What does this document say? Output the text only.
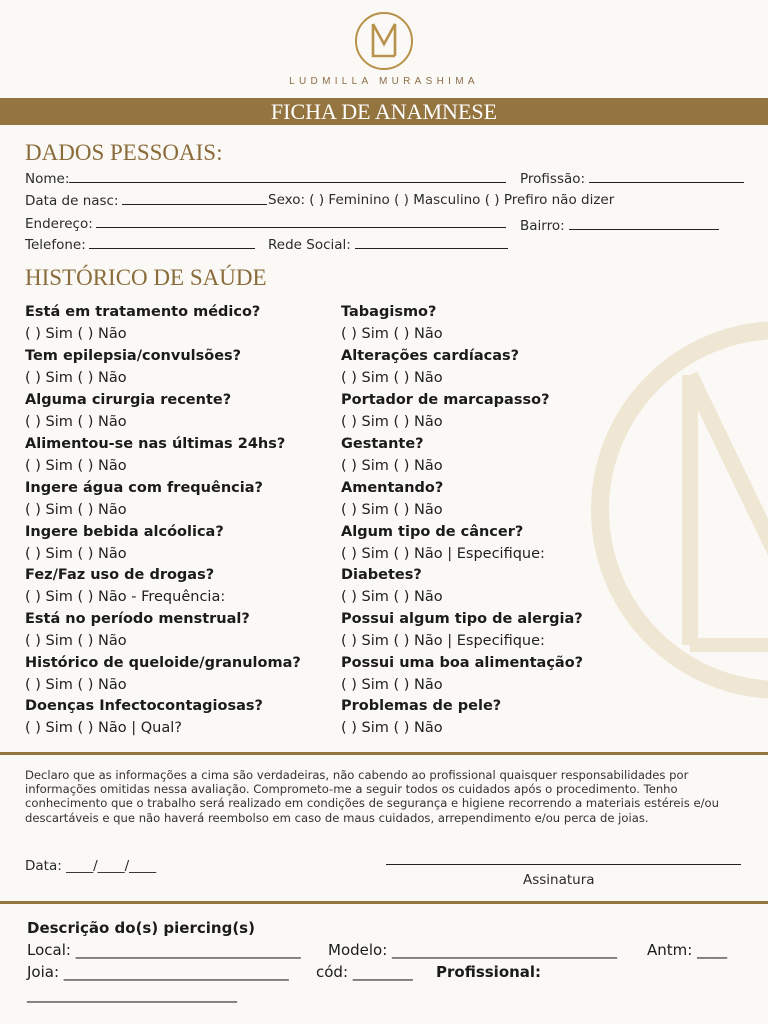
LUDMILLA MURASHIMA
FICHA DE ANAMNESE
DADOS PESSOAIS:
Nome:	Profissão:
Data de nasc:	Sexo: ( ) Feminino ( ) Masculino ( ) Prefiro não dizer
Endereço:	Bairro:
Telefone:	Rede Social:
HISTÓRICO DE SAÚDE
Está em tratamento médico?
( ) Sim ( ) Não
Tem epilepsia/convulsões?
( ) Sim ( ) Não
Alguma cirurgia recente?
( ) Sim ( ) Não
Alimentou-se nas últimas 24hs?
( ) Sim ( ) Não
Ingere água com frequência?
( ) Sim ( ) Não
Ingere bebida alcóolica?
( ) Sim ( ) Não
Fez/Faz uso de drogas?
( ) Sim ( ) Não - Frequência:
Está no período menstrual?
( ) Sim ( ) Não
Histórico de queloide/granuloma?
( ) Sim ( ) Não
Doenças Infectocontagiosas?
( ) Sim ( ) Não | Qual?
Tabagismo?
( ) Sim ( ) Não
Alterações cardíacas?
( ) Sim ( ) Não
Portador de marcapasso?
( ) Sim ( ) Não
Gestante?
( ) Sim ( ) Não
Amentando?
( ) Sim ( ) Não
Algum tipo de câncer?
( ) Sim ( ) Não | Especifique:
Diabetes?
( ) Sim ( ) Não
Possui algum tipo de alergia?
( ) Sim ( ) Não | Especifique:
Possui uma boa alimentação?
( ) Sim ( ) Não
Problemas de pele?
( ) Sim ( ) Não
Declaro que as informações a cima são verdadeiras, não cabendo ao profissional quaisquer responsabilidades por informações omitidas nessa avaliação. Comprometo-me a seguir todos os cuidados após o procedimento. Tenho conhecimento que o trabalho será realizado em condições de segurança e higiene recorrendo a materiais estéreis e/ou descartáveis e que não haverá reembolso em caso de maus cuidados, arrependimento e/ou perca de joias.
Data: ____/____/____
Assinatura
Descrição do(s) piercing(s)
Local: ______________________________ Modelo: ______________________________ Antm: ____
Joia: ______________________________ cód: ________ Profissional:
____________________________
